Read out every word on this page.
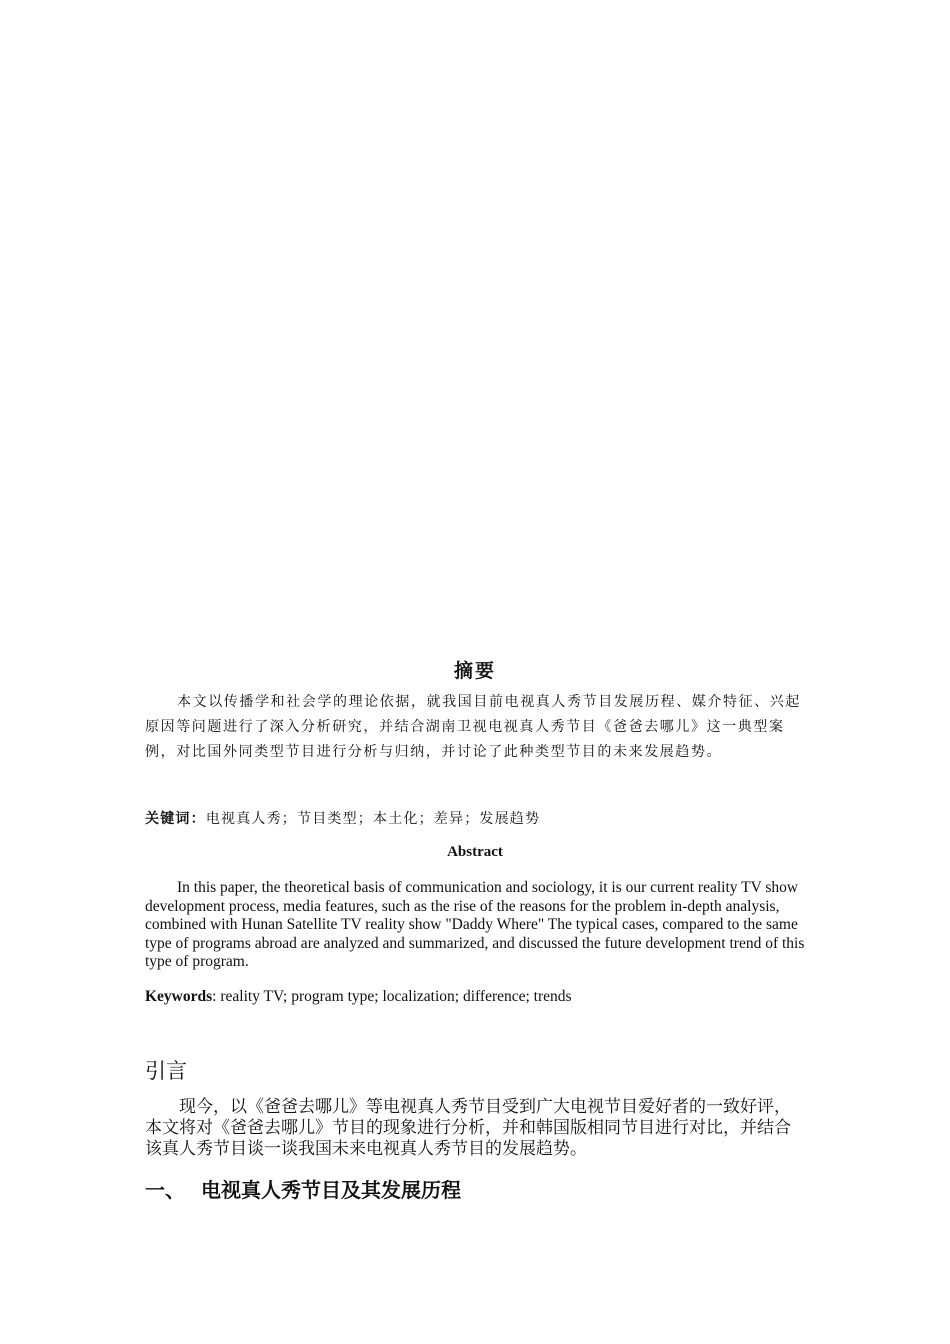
摘要

本文以传播学和社会学的理论依据，就我国目前电视真人秀节目发展历程、媒介特征、兴起原因等问题进行了深入分析研究，并结合湖南卫视电视真人秀节目《爸爸去哪儿》这一典型案例，对比国外同类型节目进行分析与归纳，并讨论了此种类型节目的未来发展趋势。

关键词：电视真人秀；节目类型；本土化；差异；发展趋势

Abstract

In this paper, the theoretical basis of communication and sociology, it is our current reality TV show development process, media features, such as the rise of the reasons for the problem in-depth analysis, combined with Hunan Satellite TV reality show "Daddy Where" The typical cases, compared to the same type of programs abroad are analyzed and summarized, and discussed the future development trend of this type of program.

Keywords: reality TV; program type; localization; difference; trends

引言

现今，以《爸爸去哪儿》等电视真人秀节目受到广大电视节目爱好者的一致好评，本文将对《爸爸去哪儿》节目的现象进行分析，并和韩国版相同节目进行对比，并结合该真人秀节目谈一谈我国未来电视真人秀节目的发展趋势。

一、 电视真人秀节目及其发展历程
